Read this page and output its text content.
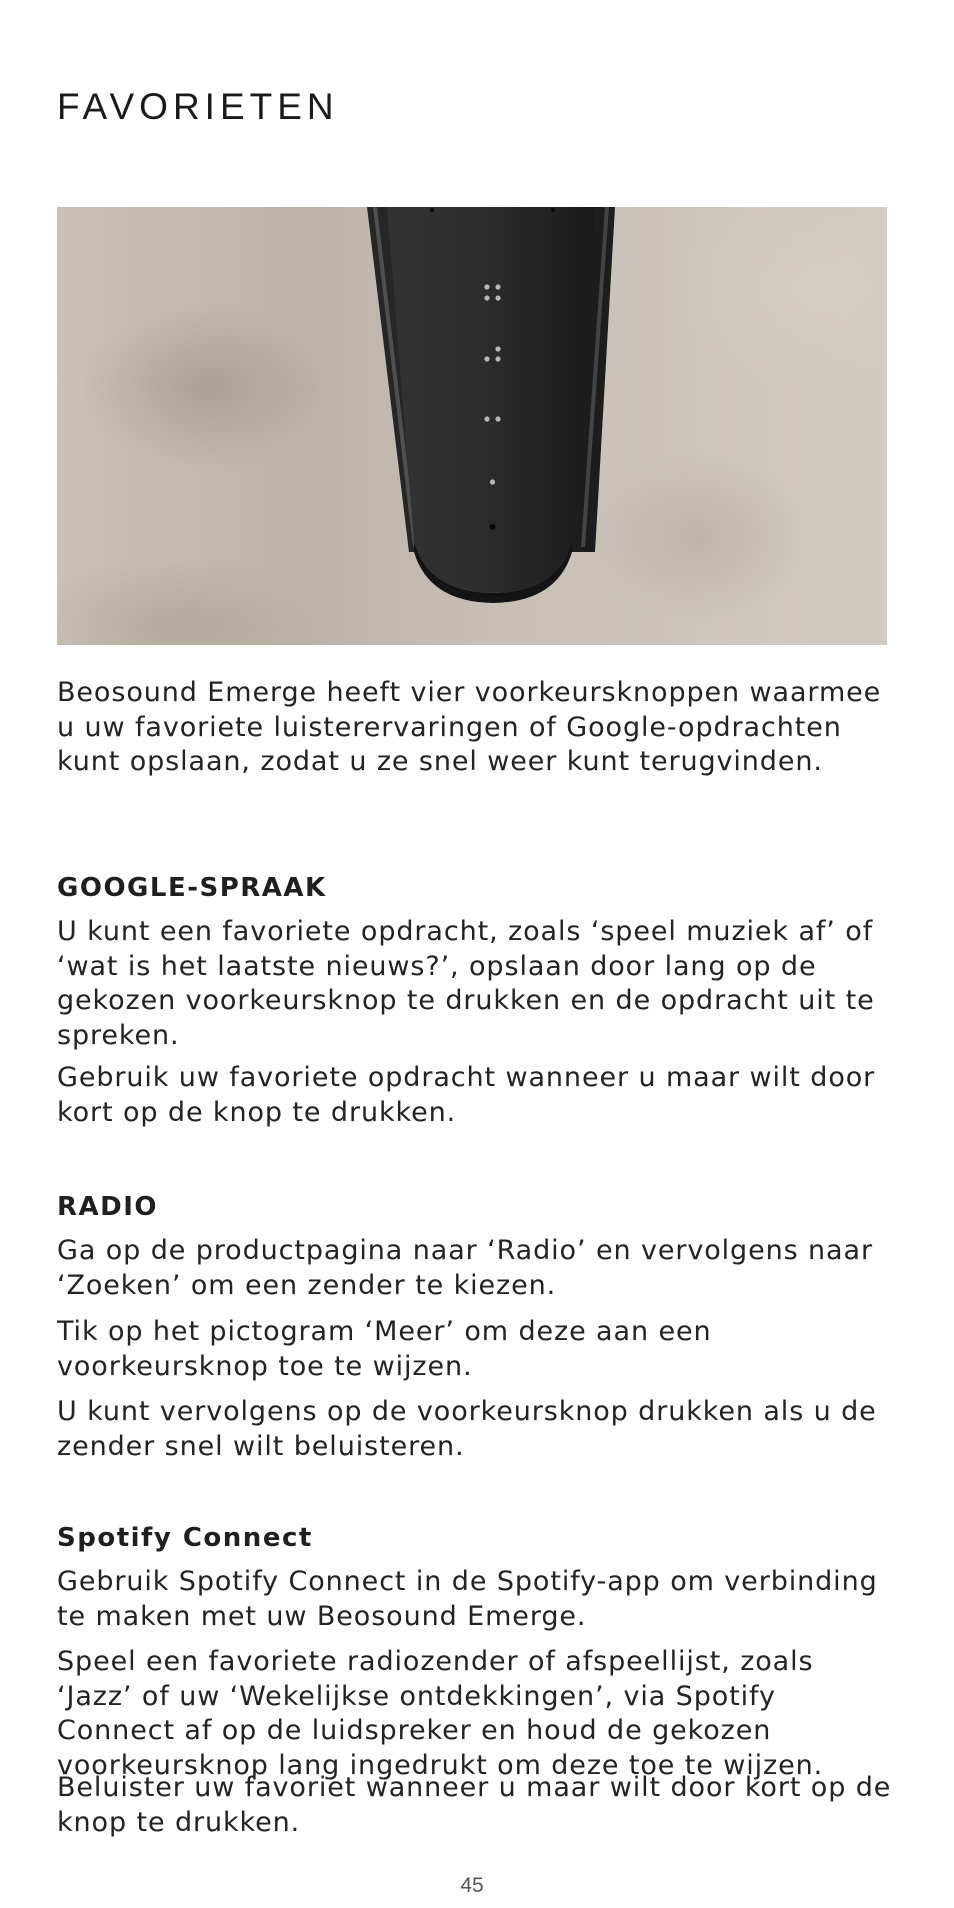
FAVORIETEN

Beosound Emerge heeft vier voorkeursknoppen waarmee u uw favoriete luisterervaringen of Google-opdrachten kunt opslaan, zodat u ze snel weer kunt terugvinden.

GOOGLE-SPRAAK

U kunt een favoriete opdracht, zoals ‘speel muziek af’ of ‘wat is het laatste nieuws?’, opslaan door lang op de gekozen voorkeursknop te drukken en de opdracht uit te spreken.

Gebruik uw favoriete opdracht wanneer u maar wilt door kort op de knop te drukken.

RADIO

Ga op de productpagina naar ‘Radio’ en vervolgens naar ‘Zoeken’ om een zender te kiezen.

Tik op het pictogram ‘Meer’ om deze aan een voorkeursknop toe te wijzen.

U kunt vervolgens op de voorkeursknop drukken als u de zender snel wilt beluisteren.

Spotify Connect

Gebruik Spotify Connect in de Spotify-app om verbinding te maken met uw Beosound Emerge.

Speel een favoriete radiozender of afspeellijst, zoals ‘Jazz’ of uw ‘Wekelijkse ontdekkingen’, via Spotify Connect af op de luidspreker en houd de gekozen voorkeursknop lang ingedrukt om deze toe te wijzen.

Beluister uw favoriet wanneer u maar wilt door kort op de knop te drukken.

45
